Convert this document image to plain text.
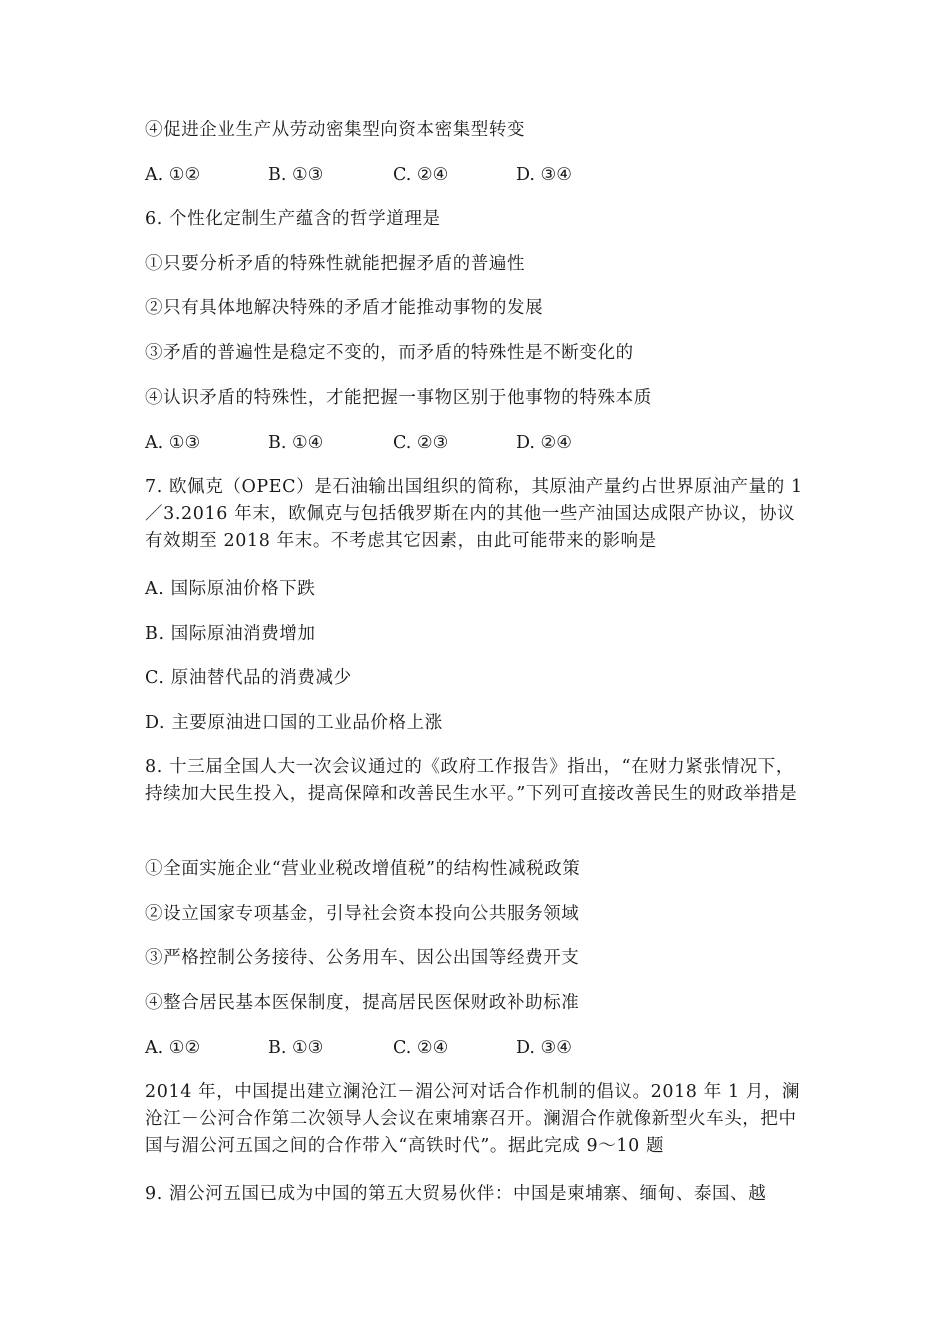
④促进企业生产从劳动密集型向资本密集型转变
A. ①②	B. ①③	C. ②④	D. ③④
6. 个性化定制生产蕴含的哲学道理是
①只要分析矛盾的特殊性就能把握矛盾的普遍性
②只有具体地解决特殊的矛盾才能推动事物的发展
③矛盾的普遍性是稳定不变的，而矛盾的特殊性是不断变化的
④认识矛盾的特殊性，才能把握一事物区别于他事物的特殊本质
A. ①③	B. ①④	C. ②③	D. ②④
7. 欧佩克（OPEC）是石油输出国组织的简称，其原油产量约占世界原油产量的 1／3.2016 年末，欧佩克与包括俄罗斯在内的其他一些产油国达成限产协议，协议有效期至 2018 年末。不考虑其它因素，由此可能带来的影响是
A. 国际原油价格下跌
B. 国际原油消费增加
C. 原油替代品的消费减少
D. 主要原油进口国的工业品价格上涨
8. 十三届全国人大一次会议通过的《政府工作报告》指出，“在财力紧张情况下，持续加大民生投入，提高保障和改善民生水平。”下列可直接改善民生的财政举措是
①全面实施企业“营业业税改增值税”的结构性减税政策
②设立国家专项基金，引导社会资本投向公共服务领域
③严格控制公务接待、公务用车、因公出国等经费开支
④整合居民基本医保制度，提高居民医保财政补助标准
A. ①②	B. ①③	C. ②④	D. ③④
2014 年，中国提出建立澜沧江－湄公河对话合作机制的倡议。2018 年 1 月，澜沧江－公河合作第二次领导人会议在柬埔寨召开。澜湄合作就像新型火车头，把中国与湄公河五国之间的合作带入“高铁时代”。据此完成 9～10 题
9. 湄公河五国已成为中国的第五大贸易伙伴：中国是柬埔寨、缅甸、泰国、越
